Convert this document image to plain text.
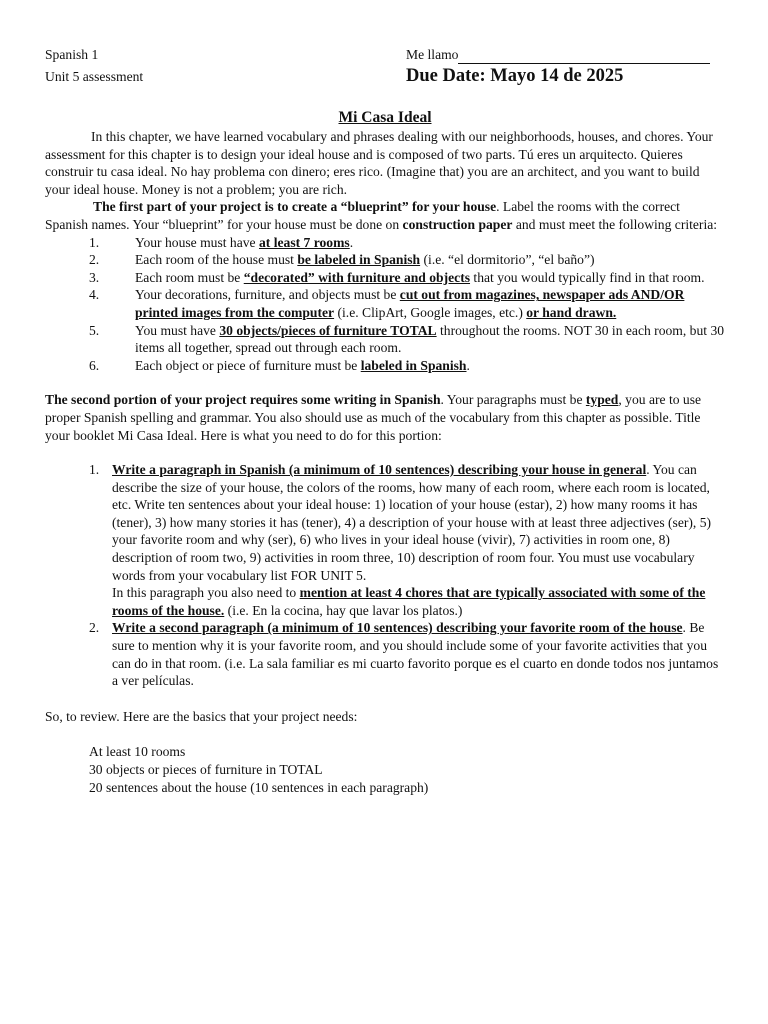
Spanish 1
Unit 5 assessment
Me llamo
Due Date: Mayo 14 de 2025
Mi Casa Ideal

In this chapter, we have learned vocabulary and phrases dealing with our neighborhoods, houses, and chores. Your assessment for this chapter is to design your ideal house and is composed of two parts. Tú eres un arquitecto. Quieres construir tu casa ideal. No hay problema con dinero; eres rico. (Imagine that) you are an architect, and you want to build your ideal house. Money is not a problem; you are rich.

The first part of your project is to create a “blueprint” for your house. Label the rooms with the correct Spanish names. Your “blueprint” for your house must be done on construction paper and must meet the following criteria:

1.	Your house must have at least 7 rooms.
2.	Each room of the house must be labeled in Spanish (i.e. “el dormitorio”, “el baño”)
3.	Each room must be “decorated” with furniture and objects that you would typically find in that room.
4.	Your decorations, furniture, and objects must be cut out from magazines, newspaper ads AND/OR printed images from the computer (i.e. ClipArt, Google images, etc.) or hand drawn.
5.	You must have 30 objects/pieces of furniture TOTAL throughout the rooms. NOT 30 in each room, but 30 items all together, spread out through each room.
6.	Each object or piece of furniture must be labeled in Spanish.

The second portion of your project requires some writing in Spanish. Your paragraphs must be typed, you are to use proper Spanish spelling and grammar. You also should use as much of the vocabulary from this chapter as possible. Title your booklet Mi Casa Ideal. Here is what you need to do for this portion:

1. Write a paragraph in Spanish (a minimum of 10 sentences) describing your house in general. You can describe the size of your house, the colors of the rooms, how many of each room, where each room is located, etc. Write ten sentences about your ideal house: 1) location of your house (estar), 2) how many rooms it has (tener), 3) how many stories it has (tener), 4) a description of your house with at least three adjectives (ser), 5) your favorite room and why (ser), 6) who lives in your ideal house (vivir), 7) activities in room one, 8) description of room two, 9) activities in room three, 10) description of room four. You must use vocabulary words from your vocabulary list FOR UNIT 5.

In this paragraph you also need to mention at least 4 chores that are typically associated with some of the rooms of the house. (i.e. En la cocina, hay que lavar los platos.)

2. Write a second paragraph (a minimum of 10 sentences) describing your favorite room of the house. Be sure to mention why it is your favorite room, and you should include some of your favorite activities that you can do in that room. (i.e. La sala familiar es mi cuarto favorito porque es el cuarto en donde todos nos juntamos a ver películas.

So, to review. Here are the basics that your project needs:

At least 10 rooms
30 objects or pieces of furniture in TOTAL
20 sentences about the house (10 sentences in each paragraph)
